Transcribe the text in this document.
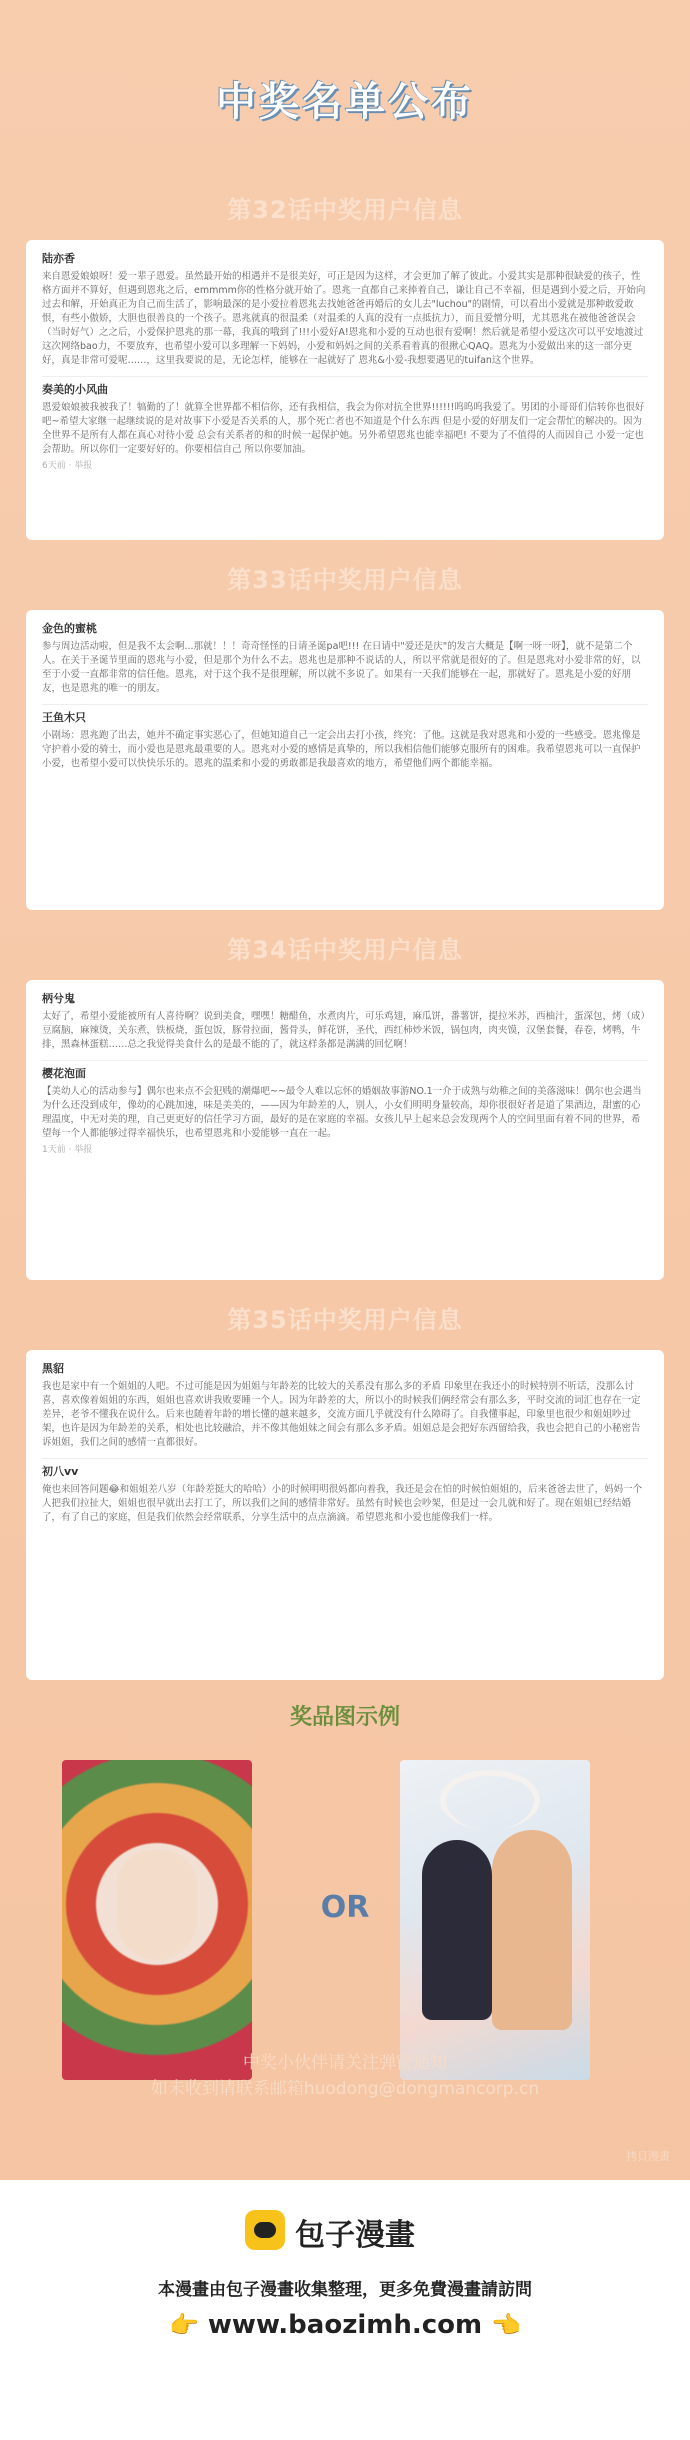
中奖名单公布
第32话中奖用户信息
陆亦香
来自恩爱娘娘呀！爱一辈子恩爱。虽然最开始的相遇并不是很美好，可正是因为这样，才会更加了解了彼此。小爱其实是那种很缺爱的孩子，性格方面并不算好，但遇到恩兆之后，emmmm你的性格分就开始了。恩兆一直都自己来捧着自己，谦让自己不幸福，但是遇到小爱之后，开始向过去和解，开始真正为自己而生活了，影响最深的是小爱拉着恩兆去找她爸爸再婚后的女儿去"luchou"的剧情，可以看出小爱就是那种敢爱敢恨，有些小傲娇，大胆也很善良的一个孩子。恩兆就真的很温柔（对温柔的人真的没有一点抵抗力），而且爱憎分明，尤其恩兆在被他爸爸误会（当时好气）之之后，小爱保护恩兆的那一幕，我真的哦到了!!!小爱好A!恩兆和小爱的互动也很有爱啊！然后就是希望小爱这次可以平安地渡过这次网络bao力，不要放弃，也希望小爱可以多理解一下妈妈，小爱和妈妈之间的关系看着真的很揪心QAQ。恩兆为小爱做出来的这一部分更好，真是非常可爱呢……，这里我要说的是，无论怎样，能够在一起就好了 恩兆&小爱-我想要遇见的tuifan这个世界。
奏美的小风曲
恩爱娘娘被我被我了！犒勤的了！就算全世界都不相信你，还有我相信，我会为你对抗全世界!!!!!!呜呜呜我爱了。男团的小哥哥们信转你也很好吧~希望大家继一起继续说的是对故事下小爱是否关系的人，那个死亡者也不知道是个什么东西 但是小爱的好朋友们一定会帮忙的解决的。因为全世界不是所有人都在真心对待小爱 总会有关系者的和的时候一起保护她。另外希望恩兆也能幸福吧! 不要为了不值得的人而因自己 小爱一定也会帮助。所以你们一定要好好的。你要相信自己 所以你要加油。
6天前 · 举报
第33话中奖用户信息
金色的蜜桃
参与周边活动啦，但是我不太会啊...那就！！！奇奇怪怪的日请圣诞pa吧!!! 在日请中"爱还是庆"的发言大概是【啊一呀一呀】，就不是第二个人。在关于圣诞节里面的恩兆与小爱，但是那个为什么不去。恩兆也是那种不说话的人，所以平常就是很好的了。但是恩兆对小爱非常的好，以至于小爱一直都非常的信任他。恩兆，对于这个我不是很理解，所以就不多说了。如果有一天我们能够在一起，那就好了。恩兆是小爱的好朋友，也是恩兆的唯一的朋友。
王鱼木只
小剧场：恩兆跑了出去，她并不确定事实恶心了，但她知道自己一定会出去打小孩，终究：了他。这就是我对恩兆和小爱的一些感受。恩兆像是守护着小爱的骑士，而小爱也是恩兆最重要的人。恩兆对小爱的感情是真挚的，所以我相信他们能够克服所有的困难。我希望恩兆可以一直保护小爱，也希望小爱可以快快乐乐的。恩兆的温柔和小爱的勇敢都是我最喜欢的地方，希望他们两个都能幸福。
第34话中奖用户信息
柄兮鬼
太好了，希望小爱能被所有人喜待啊？说到美食，嘿嘿！糖醋鱼，水煮肉片，可乐鸡翅，麻瓜饼，番薯饼，提拉米苏，西柚汁，蛋深包，烤（成）豆腐脑，麻辣烫，关东煮，铁板烧，蛋包饭，豚骨拉面，酱骨头，鲜花饼，圣代，西红柿炒米饭，锅包肉，肉夹馍，汉堡套餐，春卷，烤鸭，牛排，黑森林蛋糕……总之我觉得美食什么的是最不能的了，就这样条都是满满的回忆啊！
樱花泡面
【美幼人心的活动参与】偶尔也来点不会犯贱的潮爆吧~~最令人难以忘怀的婚姻故事游NO.1一介于成熟与幼稚之间的美落滋味！偶尔也会遇当为什么还没到成年，像幼的心跳加速，味是美美的，——因为年龄差的人，别人，小女们明明身量较高，却你很很好者是道了果酒边，甜蜜的心理温度，中无对美的理，自己更更好的信任学习方面，最好的是在家庭的幸福。女孩儿早上起来总会发现两个人的空间里面有着不同的世界，希望每一个人都能够过得幸福快乐，也希望恩兆和小爱能够一直在一起。
1天前 · 举报
第35话中奖用户信息
黑貂
我也是家中有一个姐姐的人吧。不过可能是因为姐姐与年龄差的比较大的关系没有那么多的矛盾 印象里在我还小的时候特别不听话，没那么讨喜，喜欢像着姐姐的东西，姐姐也喜欢讲我败要睡一个人。因为年龄差的大，所以小的时候我们俩经常会有那么多，平时交流的词汇也存在一定差异，老爷不懂我在说什么。后来也随着年龄的增长懂的越来越多，交流方面几乎就没有什么障碍了。自我懂事起，印象里也很少和姐姐吵过架，也许是因为年龄差的关系，相处也比较融洽，并不像其他姐妹之间会有那么多矛盾。姐姐总是会把好东西留给我，我也会把自己的小秘密告诉姐姐，我们之间的感情一直都很好。
初八vv
俺也来回答问题😂和姐姐差八岁（年龄差挺大的哈哈）小的时候明明很妈都向着我，我还是会在怕的时候怕姐姐的，后来爸爸去世了，妈妈一个人把我们拉扯大，姐姐也很早就出去打工了，所以我们之间的感情非常好。虽然有时候也会吵架，但是过一会儿就和好了。现在姐姐已经结婚了，有了自己的家庭，但是我们依然会经常联系，分享生活中的点点滴滴。希望恩兆和小爱也能像我们一样。
奖品图示例
OR
中奖小伙伴请关注弹窗通知
如未收到请联系邮箱huodong@dongmancorp.cn
拷貝漫畫
包子漫畫
本漫畫由包子漫畫收集整理，更多免費漫畫請訪問
👉 www.baozimh.com 👈
